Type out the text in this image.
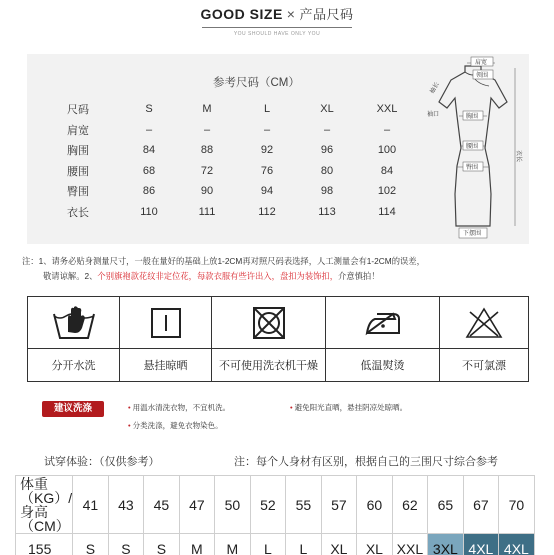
GOOD SIZE × 产品尺码
YOU SHOULD HAVE ONLY YOU
参考尺码（CM）
尺码	S	M	L	XL	XXL
肩宽	–	–	–	–	–
胸围	84	88	92	96	100
腰围	68	72	76	80	84
臀围	86	90	94	98	102
衣长	110	111	112	113	114
肩宽
领围
袖长
袖口	胸围
腰围
臀围
衣长
下摆围
注：1、请务必贴身测量尺寸，一般在量好的基础上放1-2CM再对照尺码表选择，人工测量会有1-2CM的误差，
敬请谅解。2、个别旗袍款花纹非定位花，每款衣服有些许出入，盘扣为装饰扣，介意慎拍！
分开水洗	悬挂晾晒	不可使用洗衣机干燥	低温熨烫	不可氯漂
建议洗涤	• 用温水清洗衣物，不宜机洗。	• 避免阳光直晒，悬挂阴凉处晾晒。
• 分类洗涤，避免衣物染色。
试穿体验：（仅供参考）	注：每个人身材有区别，根据自己的三围尺寸综合参考
体重（KG）/
身高（CM）	41	43	45	47	50	52	55	57	60	62	65	67	70
155	S	S	S	M	M	L	L	XL	XL	XXL	3XL	4XL	4XL
